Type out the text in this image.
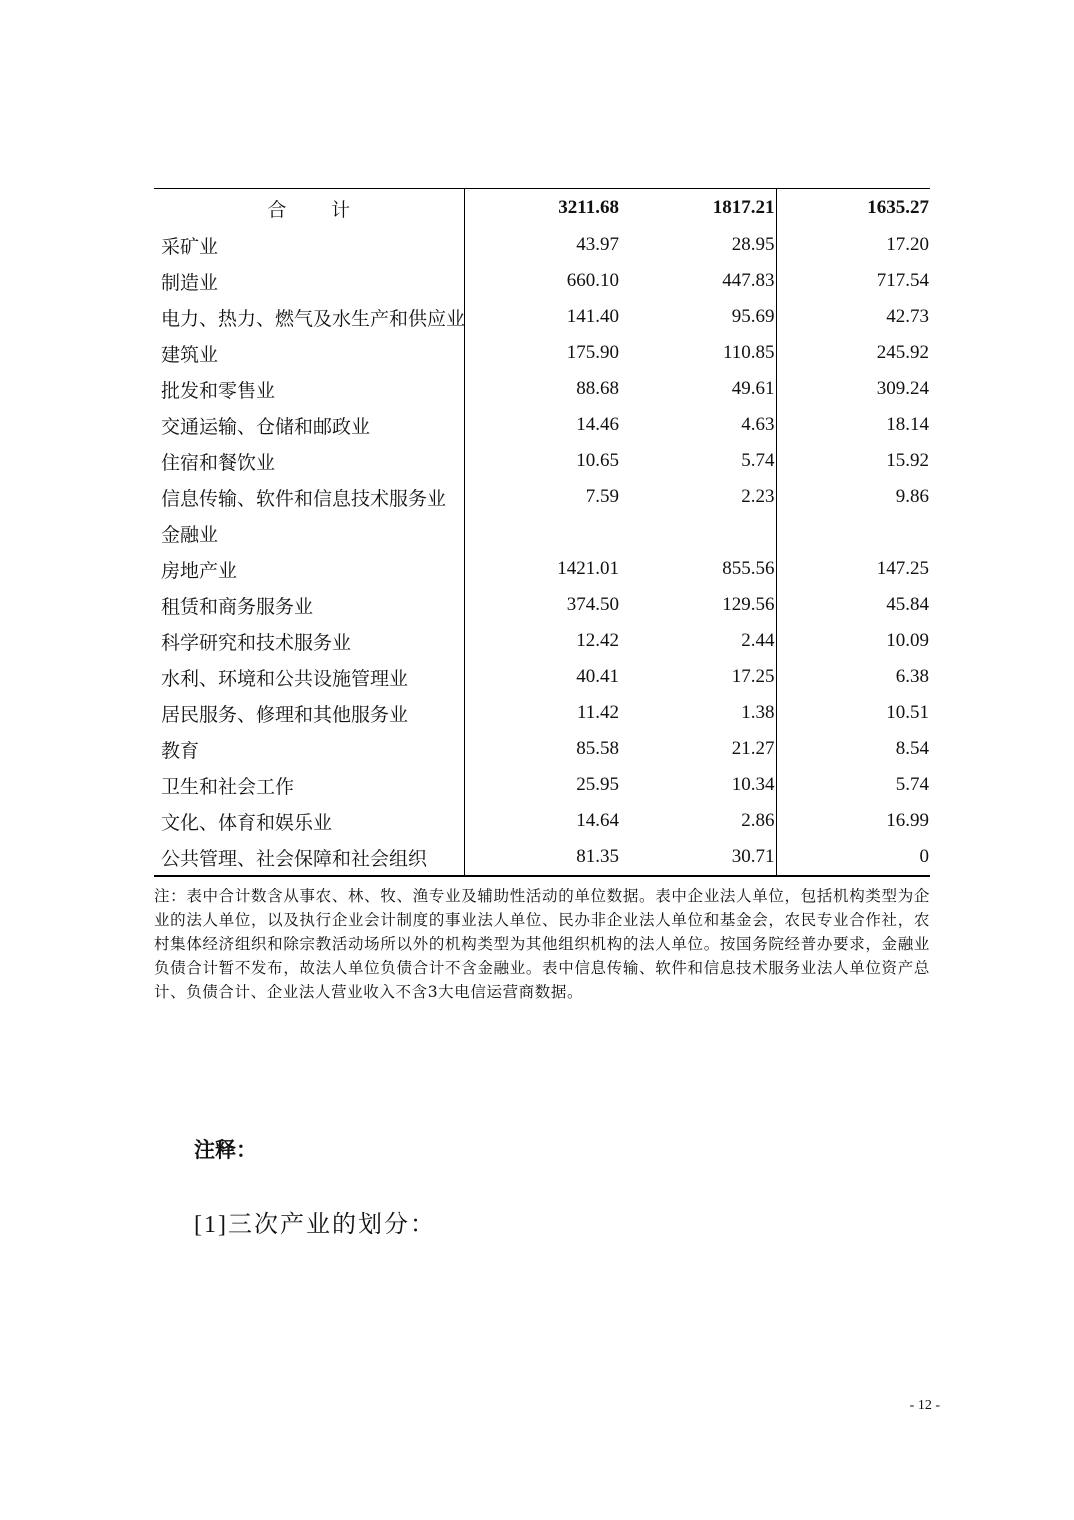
合 计	3211.68	1817.21	1635.27
采矿业	43.97	28.95	17.20
制造业	660.10	447.83	717.54
电力、热力、燃气及水生产和供应业	141.40	95.69	42.73
建筑业	175.90	110.85	245.92
批发和零售业	88.68	49.61	309.24
交通运输、仓储和邮政业	14.46	4.63	18.14
住宿和餐饮业	10.65	5.74	15.92
信息传输、软件和信息技术服务业	7.59	2.23	9.86
金融业			
房地产业	1421.01	855.56	147.25
租赁和商务服务业	374.50	129.56	45.84
科学研究和技术服务业	12.42	2.44	10.09
水利、环境和公共设施管理业	40.41	17.25	6.38
居民服务、修理和其他服务业	11.42	1.38	10.51
教育	85.58	21.27	8.54
卫生和社会工作	25.95	10.34	5.74
文化、体育和娱乐业	14.64	2.86	16.99
公共管理、社会保障和社会组织	81.35	30.71	0
注：表中合计数含从事农、林、牧、渔专业及辅助性活动的单位数据。表中企业法人单位，包括机构类型为企业的法人单位，以及执行企业会计制度的事业法人单位、民办非企业法人单位和基金会，农民专业合作社，农村集体经济组织和除宗教活动场所以外的机构类型为其他组织机构的法人单位。按国务院经普办要求，金融业负债合计暂不发布，故法人单位负债合计不含金融业。表中信息传输、软件和信息技术服务业法人单位资产总计、负债合计、企业法人营业收入不含3大电信运营商数据。
注释：
[1]三次产业的划分：
- 12 -
